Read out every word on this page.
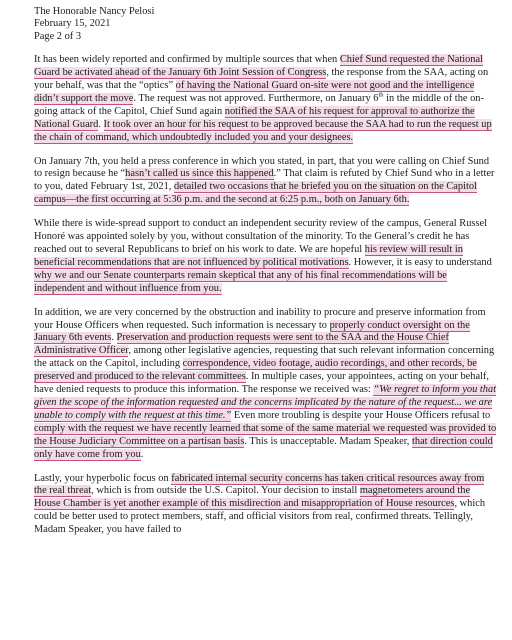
The Honorable Nancy Pelosi
February 15, 2021
Page 2 of 3

It has been widely reported and confirmed by multiple sources that when Chief Sund requested the National Guard be activated ahead of the January 6th Joint Session of Congress, the response from the SAA, acting on your behalf, was that the “optics” of having the National Guard on-site were not good and the intelligence didn’t support the move. The request was not approved. Furthermore, on January 6th in the middle of the on-going attack of the Capitol, Chief Sund again notified the SAA of his request for approval to authorize the National Guard. It took over an hour for his request to be approved because the SAA had to run the request up the chain of command, which undoubtedly included you and your designees.

On January 7th, you held a press conference in which you stated, in part, that you were calling on Chief Sund to resign because he “hasn’t called us since this happened.” That claim is refuted by Chief Sund who in a letter to you, dated February 1st, 2021, detailed two occasions that he briefed you on the situation on the Capitol campus—the first occurring at 5:36 p.m. and the second at 6:25 p.m., both on January 6th.

While there is wide-spread support to conduct an independent security review of the campus, General Russel Honoré was appointed solely by you, without consultation of the minority. To the General’s credit he has reached out to several Republicans to brief on his work to date. We are hopeful his review will result in beneficial recommendations that are not influenced by political motivations. However, it is easy to understand why we and our Senate counterparts remain skeptical that any of his final recommendations will be independent and without influence from you.

In addition, we are very concerned by the obstruction and inability to procure and preserve information from your House Officers when requested. Such information is necessary to properly conduct oversight on the January 6th events. Preservation and production requests were sent to the SAA and the House Chief Administrative Officer, among other legislative agencies, requesting that such relevant information concerning the attack on the Capitol, including correspondence, video footage, audio recordings, and other records, be preserved and produced to the relevant committees. In multiple cases, your appointees, acting on your behalf, have denied requests to produce this information. The response we received was: “We regret to inform you that given the scope of the information requested and the concerns implicated by the nature of the request... we are unable to comply with the request at this time.” Even more troubling is despite your House Officers refusal to comply with the request we have recently learned that some of the same material we requested was provided to the House Judiciary Committee on a partisan basis. This is unacceptable. Madam Speaker, that direction could only have come from you.

Lastly, your hyperbolic focus on fabricated internal security concerns has taken critical resources away from the real threat, which is from outside the U.S. Capitol. Your decision to install magnetometers around the House Chamber is yet another example of this misdirection and misappropriation of House resources, which could be better used to protect members, staff, and official visitors from real, confirmed threats. Tellingly, Madam Speaker, you have failed to
